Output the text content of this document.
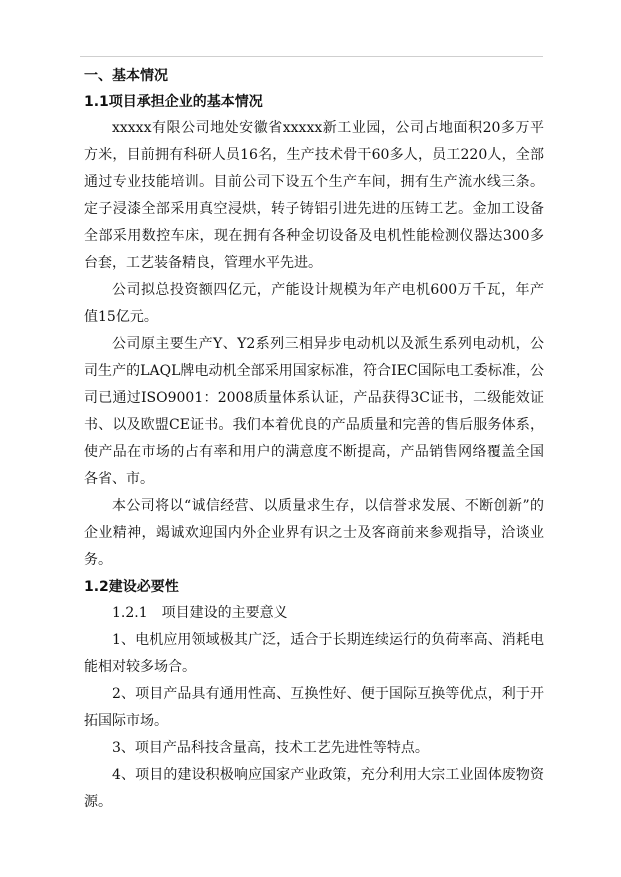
一、基本情况
1.1项目承担企业的基本情况

xxxxx有限公司地处安徽省xxxxx新工业园，公司占地面积20多万平方米，目前拥有科研人员16名，生产技术骨干60多人，员工220人，全部通过专业技能培训。目前公司下设五个生产车间，拥有生产流水线三条。定子浸漆全部采用真空浸烘，转子铸铝引进先进的压铸工艺。金加工设备全部采用数控车床，现在拥有各种金切设备及电机性能检测仪器达300多台套，工艺装备精良，管理水平先进。

公司拟总投资额四亿元，产能设计规模为年产电机600万千瓦，年产值15亿元。

公司原主要生产Y、Y2系列三相异步电动机以及派生系列电动机，公司生产的LAQL牌电动机全部采用国家标准，符合IEC国际电工委标准，公司已通过ISO9001：2008质量体系认证，产品获得3C证书，二级能效证书、以及欧盟CE证书。我们本着优良的产品质量和完善的售后服务体系，使产品在市场的占有率和用户的满意度不断提高，产品销售网络覆盖全国各省、市。

本公司将以“诚信经营、以质量求生存，以信誉求发展、不断创新”的企业精神，竭诚欢迎国内外企业界有识之士及客商前来参观指导，洽谈业务。

1.2建设必要性
1.2.1　项目建设的主要意义

1、电机应用领域极其广泛，适合于长期连续运行的负荷率高、消耗电能相对较多场合。

2、项目产品具有通用性高、互换性好、便于国际互换等优点，利于开拓国际市场。

3、项目产品科技含量高，技术工艺先进性等特点。

4、项目的建设积极响应国家产业政策，充分利用大宗工业固体废物资源。
